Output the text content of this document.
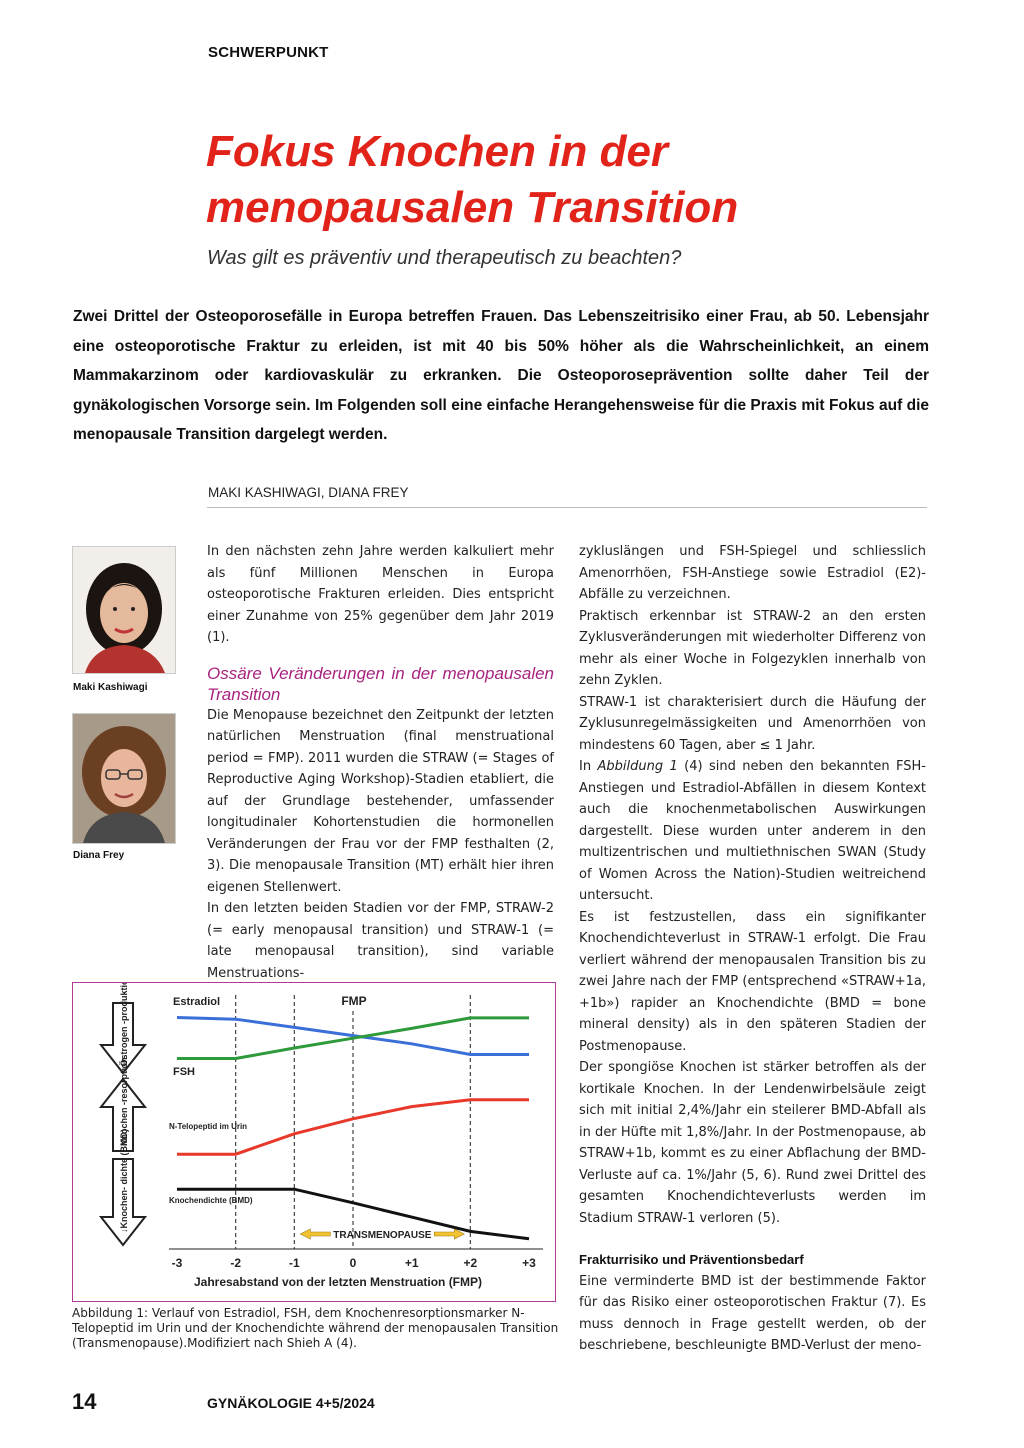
SCHWERPUNKT
Fokus Knochen in der
menopausalen Transition
Was gilt es präventiv und therapeutisch zu beachten?
Zwei Drittel der Osteoporosefälle in Europa betreffen Frauen. Das Lebenszeitrisiko einer Frau, ab 50. Lebensjahr eine osteoporotische Fraktur zu erleiden, ist mit 40 bis 50% höher als die Wahrscheinlichkeit, an einem Mammakarzinom oder kardiovaskulär zu erkranken. Die Osteoporoseprävention sollte daher Teil der gynäkologischen Vorsorge sein. Im Folgenden soll eine einfache Herangehensweise für die Praxis mit Fokus auf die menopausale Transition dargelegt werden.
MAKI KASHIWAGI, DIANA FREY
Maki Kashiwagi
Diana Frey

In den nächsten zehn Jahre werden kalkuliert mehr als fünf Millionen Menschen in Europa osteoporotische Frakturen erleiden. Dies entspricht einer Zunahme von 25% gegenüber dem Jahr 2019 (1).

Ossäre Veränderungen in der menopausalen Transition

Die Menopause bezeichnet den Zeitpunkt der letzten natürlichen Menstruation (final menstruational period = FMP). 2011 wurden die STRAW (= Stages of Reproductive Aging Workshop)-Stadien etabliert, die auf der Grundlage bestehender, umfassender longitudinaler Kohortenstudien die hormonellen Veränderungen der Frau vor der FMP festhalten (2, 3). Die menopausale Transition (MT) erhält hier ihren eigenen Stellenwert.

In den letzten beiden Stadien vor der FMP, STRAW-2 (= early menopausal transition) und STRAW-1 (= late menopausal transition), sind variable Menstruations-

zykluslängen und FSH-Spiegel und schliesslich Amenorrhöen, FSH-Anstiege sowie Estradiol (E2)-Abfälle zu verzeichnen.

Praktisch erkennbar ist STRAW-2 an den ersten Zyklusveränderungen mit wiederholter Differenz von mehr als einer Woche in Folgezyklen innerhalb von zehn Zyklen.

STRAW-1 ist charakterisiert durch die Häufung der Zyklusunregelmässigkeiten und Amenorrhöen von mindestens 60 Tagen, aber ≤ 1 Jahr.

In Abbildung 1 (4) sind neben den bekannten FSH-Anstiegen und Estradiol-Abfällen in diesem Kontext auch die knochenmetabolischen Auswirkungen dargestellt. Diese wurden unter anderem in den multizentrischen und multiethnischen SWAN (Study of Women Across the Nation)-Studien weitreichend untersucht.

Es ist festzustellen, dass ein signifikanter Knochendichteverlust in STRAW-1 erfolgt. Die Frau verliert während der menopausalen Transition bis zu zwei Jahre nach der FMP (entsprechend «STRAW+1a, +1b») rapider an Knochendichte (BMD = bone mineral density) als in den späteren Stadien der Postmenopause.

Der spongiöse Knochen ist stärker betroffen als der kortikale Knochen. In der Lendenwirbelsäule zeigt sich mit initial 2,4%/Jahr ein steilerer BMD-Abfall als in der Hüfte mit 1,8%/Jahr. In der Postmenopause, ab STRAW+1b, kommt es zu einer Abflachung der BMD-Verluste auf ca. 1%/Jahr (5, 6). Rund zwei Drittel des gesamten Knochendichteverlusts werden im Stadium STRAW-1 verloren (5).

Frakturrisiko und Präventionsbedarf

Eine verminderte BMD ist der bestimmende Faktor für das Risiko einer osteoporotischen Fraktur (7). Es muss dennoch in Frage gestellt werden, ob der beschriebene, beschleunigte BMD-Verlust der meno-

↓Östrogen -produktion
↑ Knochen -resorption
↓Knochen- dichte (BMD)
FMP
TRANSMENOPAUSE
-3	-2	-1	0	+1	+2	+3
Jahresabstand von der letzten Menstruation (FMP)
Estradiol
FSH
N-Telopeptid im Urin
Knochendichte (BMD)
Abbildung 1: Verlauf von Estradiol, FSH, dem Knochenresorptionsmarker N-Telopeptid im Urin und der Knochendichte während der menopausalen Transition (Transmenopause).Modifiziert nach Shieh A (4).
14	GYNÄKOLOGIE 4+5/2024
